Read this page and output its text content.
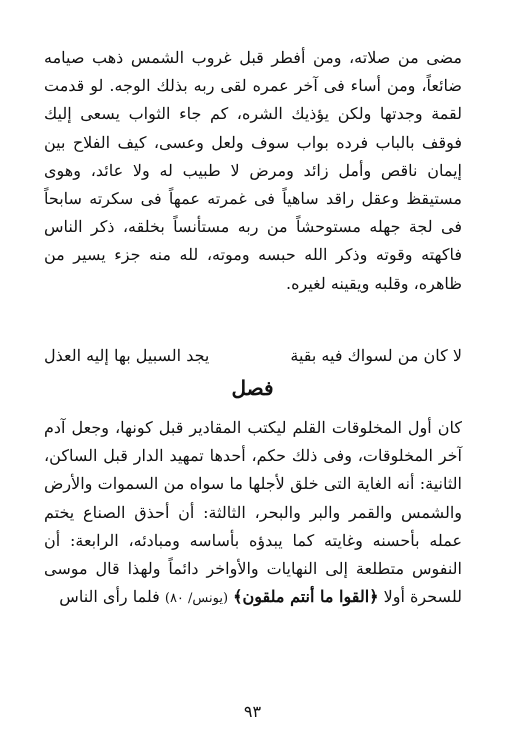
مضى من صلاته، ومن أفطر قبل غروب الشمس ذهب صيامه ضائعاً، ومن أساء فى آخر عمره لقى ربه بذلك الوجه. لو قدمت لقمة وجدتها ولكن يؤذيك الشره، كم جاء الثواب يسعى إليك فوقف بالباب فرده بواب سوف ولعل وعسى، كيف الفلاح بين إيمان ناقص وأمل زائد ومرض لا طبيب له ولا عائد، وهوى مستيقظ وعقل راقد ساهياً فى غمرته عمهاً فى سكرته سابحاً فى لجة جهله مستوحشاً من ربه مستأنساً بخلقه، ذكر الناس فاكهته وقوته وذكر الله حبسه وموته، لله منه جزء يسير من ظاهره، وقلبه ويقينه لغيره.

لا كان من لسواك فيه بقية
يجد السبيل بها إليه العذل
فصل

كان أول المخلوقات القلم ليكتب المقادير قبل كونها، وجعل آدم آخر المخلوقات، وفى ذلك حكم، أحدها تمهيد الدار قبل الساكن، الثانية: أنه الغاية التى خلق لأجلها ما سواه من السموات والأرض والشمس والقمر والبر والبحر، الثالثة: أن أحذق الصناع يختم عمله بأحسنه وغايته كما يبدؤه بأساسه ومبادئه، الرابعة: أن النفوس متطلعة إلى النهايات والأواخر دائماً ولهذا قال موسى للسحرة أولا ﴿القوا ما أنتم ملقون﴾ (يونس/ ٨٠) فلما رأى الناس

٩٣
